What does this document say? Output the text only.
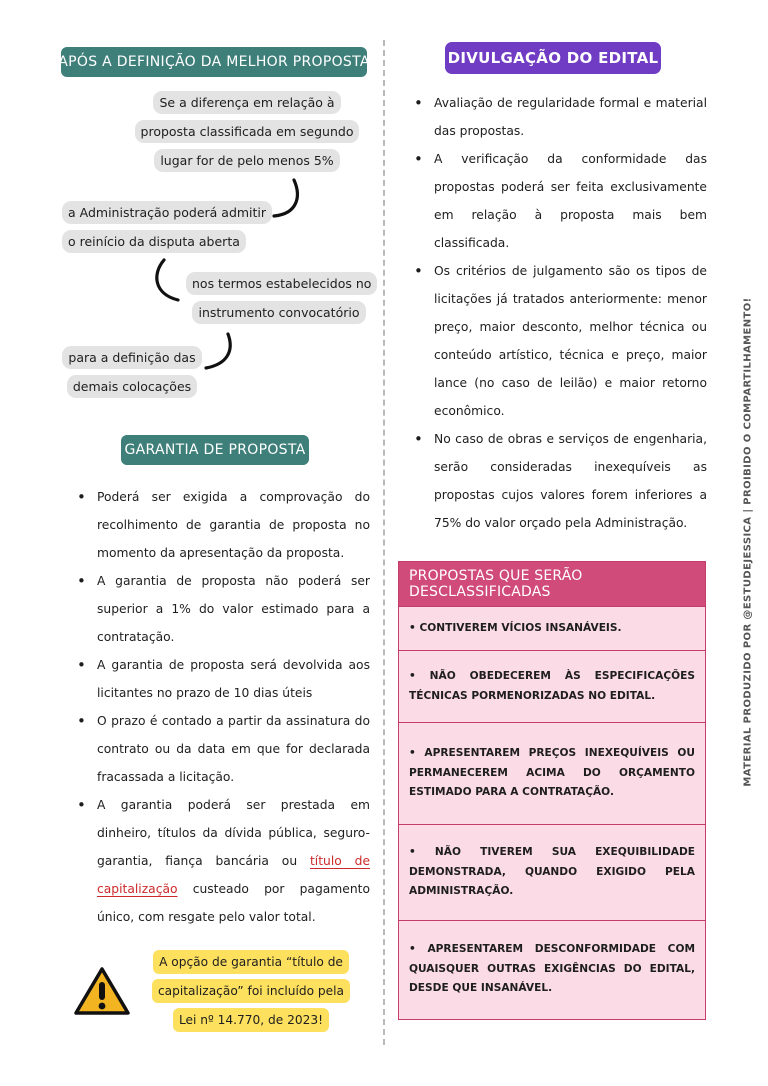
APÓS A DEFINIÇÃO DA MELHOR PROPOSTA
Se a diferença em relação à proposta classificada em segundo lugar for de pelo menos 5%
a Administração poderá admitir o reinício da disputa aberta
nos termos estabelecidos no instrumento convocatório
para a definição das demais colocações
GARANTIA DE PROPOSTA
• Poderá ser exigida a comprovação do recolhimento de garantia de proposta no momento da apresentação da proposta.
• A garantia de proposta não poderá ser superior a 1% do valor estimado para a contratação.
• A garantia de proposta será devolvida aos licitantes no prazo de 10 dias úteis
• O prazo é contado a partir da assinatura do contrato ou da data em que for declarada fracassada a licitação.
• A garantia poderá ser prestada em dinheiro, títulos da dívida pública, seguro-garantia, fiança bancária ou título de capitalização custeado por pagamento único, com resgate pelo valor total.
A opção de garantia “título de capitalização” foi incluído pela Lei nº 14.770, de 2023!
DIVULGAÇÃO DO EDITAL
• Avaliação de regularidade formal e material das propostas.
• A verificação da conformidade das propostas poderá ser feita exclusivamente em relação à proposta mais bem classificada.
• Os critérios de julgamento são os tipos de licitações já tratados anteriormente: menor preço, maior desconto, melhor técnica ou conteúdo artístico, técnica e preço, maior lance (no caso de leilão) e maior retorno econômico.
• No caso de obras e serviços de engenharia, serão consideradas inexequíveis as propostas cujos valores forem inferiores a 75% do valor orçado pela Administração.
PROPOSTAS QUE SERÃO DESCLASSIFICADAS
• CONTIVEREM VÍCIOS INSANÁVEIS.
• NÃO OBEDECEREM ÀS ESPECIFICAÇÕES TÉCNICAS PORMENORIZADAS NO EDITAL.
• APRESENTAREM PREÇOS INEXEQUÍVEIS OU PERMANECEREM ACIMA DO ORÇAMENTO ESTIMADO PARA A CONTRATAÇÃO.
• NÃO TIVEREM SUA EXEQUIBILIDADE DEMONSTRADA, QUANDO EXIGIDO PELA ADMINISTRAÇÃO.
• APRESENTAREM DESCONFORMIDADE COM QUAISQUER OUTRAS EXIGÊNCIAS DO EDITAL, DESDE QUE INSANÁVEL.
MATERIAL PRODUZIDO POR @ESTUDEJESSICA | PROIBIDO O COMPARTILHAMENTO!
